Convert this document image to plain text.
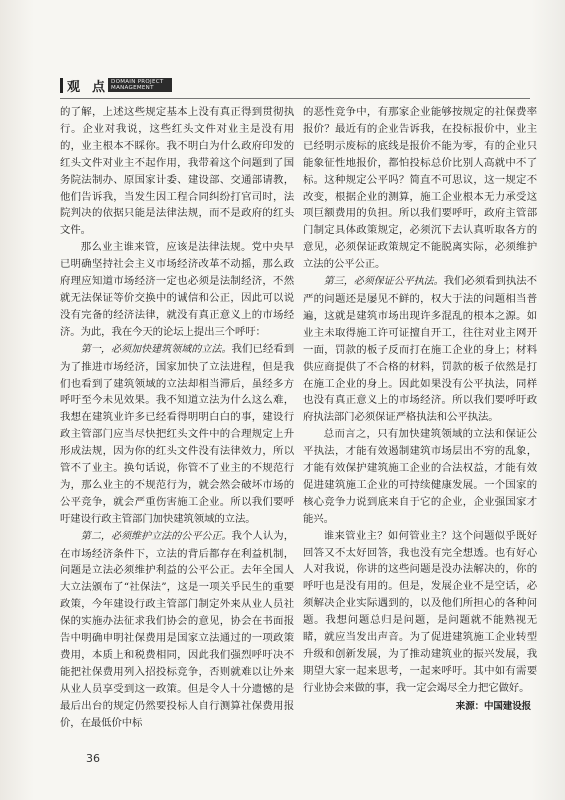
观 点 DOMAIN PROJECT
MANAGEMENT

的了解，上述这些规定基本上没有真正得到贯彻执行。企业对我说，这些红头文件对业主是没有用的，业主根本不睬你。我不明白为什么政府印发的红头文件对业主不起作用，我带着这个问题到了国务院法制办、原国家计委、建设部、交通部请教，他们告诉我，当发生因工程合同纠纷打官司时，法院判决的依据只能是法律法规，而不是政府的红头文件。

那么业主谁来管，应该是法律法规。党中央早已明确坚持社会主义市场经济改革不动摇，那么政府理应知道市场经济一定也必须是法制经济，不然就无法保证等价交换中的诚信和公正，因此可以说没有完备的经济法律，就没有真正意义上的市场经济。为此，我在今天的论坛上提出三个呼吁：

第一，必须加快建筑领域的立法。我们已经看到为了推进市场经济，国家加快了立法进程，但是我们也看到了建筑领域的立法却相当滞后，虽经多方呼吁至今未见效果。我不知道立法为什么这么难，我想在建筑业许多已经看得明明白白的事，建设行政主管部门应当尽快把红头文件中的合理规定上升形成法规，因为你的红头文件没有法律效力，所以管不了业主。换句话说，你管不了业主的不规范行为，那么业主的不规范行为，就会然会破坏市场的公平竞争，就会严重伤害施工企业。所以我们要呼吁建设行政主管部门加快建筑领域的立法。

第二，必须维护立法的公平公正。我个人认为，在市场经济条件下，立法的背后都存在利益机制，问题是立法必须维护利益的公平公正。去年全国人大立法颁布了“社保法”，这是一项关乎民生的重要政策，今年建设行政主管部门制定外来从业人员社保的实施办法征求我们协会的意见，协会在书面报告中明确申明社保费用是国家立法通过的一项政策费用，本质上和税费相同，因此我们强烈呼吁决不能把社保费用列入招投标竞争，否则就难以让外来从业人员享受到这一政策。但是令人十分遗憾的是最后出台的规定仍然要投标人自行测算社保费用报价，在最低价中标

的恶性竞争中，有那家企业能够按规定的社保费率报价？最近有的企业告诉我，在投标报价中，业主已经明示废标的底线是报价不能为零，有的企业只能象征性地报价，都怕投标总价比别人高就中不了标。这种规定公平吗？简直不可思议，这一规定不改变，根据企业的测算，施工企业根本无力承受这项巨额费用的负担。所以我们要呼吁，政府主管部门制定具体政策规定，必须沉下去认真听取各方的意见，必须保证政策规定不能脱离实际，必须维护立法的公平公正。

第三，必须保证公平执法。我们必须看到执法不严的问题还是屡见不鲜的，权大于法的问题相当普遍，这就是建筑市场出现许多混乱的根本之源。如业主未取得施工许可证擅自开工，往往对业主网开一面，罚款的板子反而打在施工企业的身上；材料供应商提供了不合格的材料，罚款的板子依然是打在施工企业的身上。因此如果没有公平执法，同样也没有真正意义上的市场经济。所以我们要呼吁政府执法部门必须保证严格执法和公平执法。

总而言之，只有加快建筑领域的立法和保证公平执法，才能有效遏制建筑市场层出不穷的乱象，才能有效保护建筑施工企业的合法权益，才能有效促进建筑施工企业的可持续健康发展。一个国家的核心竞争力说到底来自于它的企业，企业强国家才能兴。

谁来管业主？如何管业主？这个问题似乎既好回答又不太好回答，我也没有完全想透。也有好心人对我说，你讲的这些问题是没办法解决的，你的呼吁也是没有用的。但是，发展企业不是空话，必须解决企业实际遇到的，以及他们所担心的各种问题。我想问题总归是问题，是问题就不能熟视无睹，就应当发出声音。为了促进建筑施工企业转型升级和创新发展，为了推动建筑业的振兴发展，我期望大家一起来思考，一起来呼吁。其中如有需要行业协会来做的事，我一定会竭尽全力把它做好。

来源：中国建设报
36
